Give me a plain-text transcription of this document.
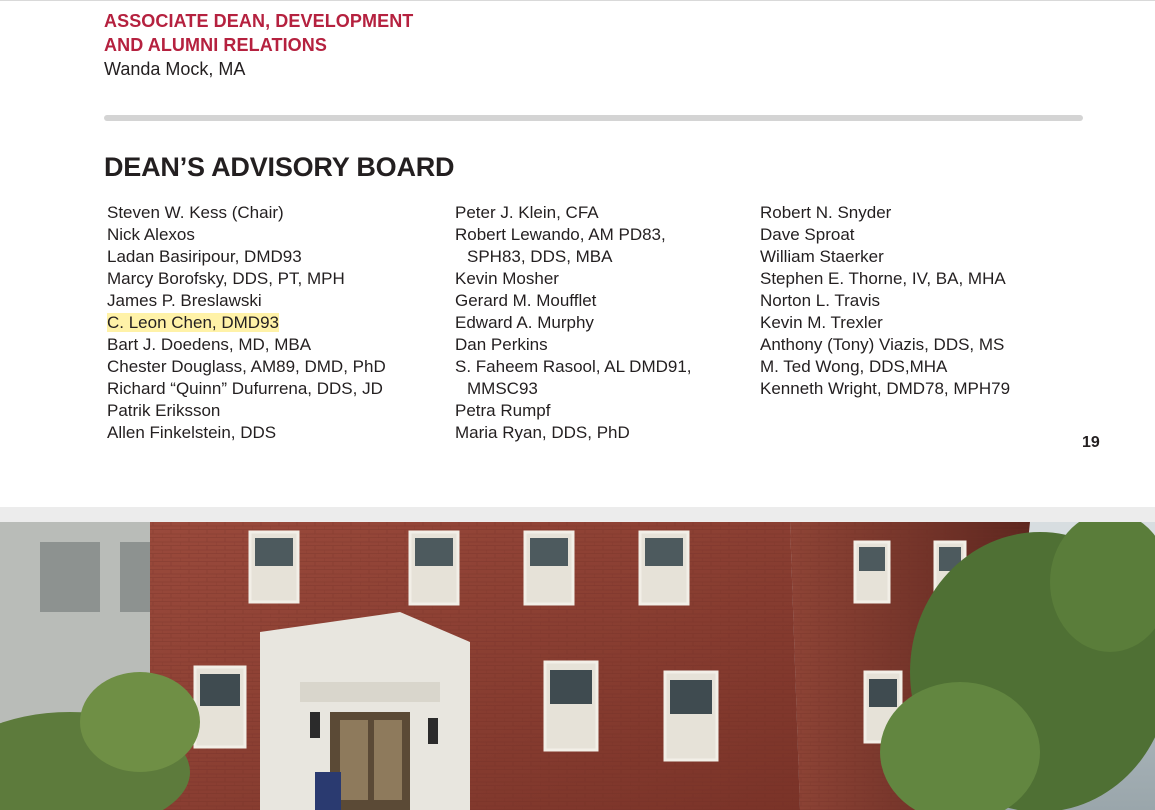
ASSOCIATE DEAN, DEVELOPMENT
AND ALUMNI RELATIONS

Wanda Mock, MA

DEAN’S ADVISORY BOARD
Steven W. Kess (Chair)
Nick Alexos
Ladan Basiripour, DMD93
Marcy Borofsky, DDS, PT, MPH
James P. Breslawski
C. Leon Chen, DMD93
Bart J. Doedens, MD, MBA
Chester Douglass, AM89, DMD, PhD
Richard “Quinn” Dufurrena, DDS, JD
Patrik Eriksson
Allen Finkelstein, DDS
Peter J. Klein, CFA
Robert Lewando, AM PD83,
SPH83, DDS, MBA
Kevin Mosher
Gerard M. Moufflet
Edward A. Murphy
Dan Perkins
S. Faheem Rasool, AL DMD91,
MMSC93
Petra Rumpf
Maria Ryan, DDS, PhD
Robert N. Snyder
Dave Sproat
William Staerker
Stephen E. Thorne, IV, BA, MHA
Norton L. Travis
Kevin M. Trexler
Anthony (Tony) Viazis, DDS, MS
M. Ted Wong, DDS,MHA
Kenneth Wright, DMD78, MPH79
19
